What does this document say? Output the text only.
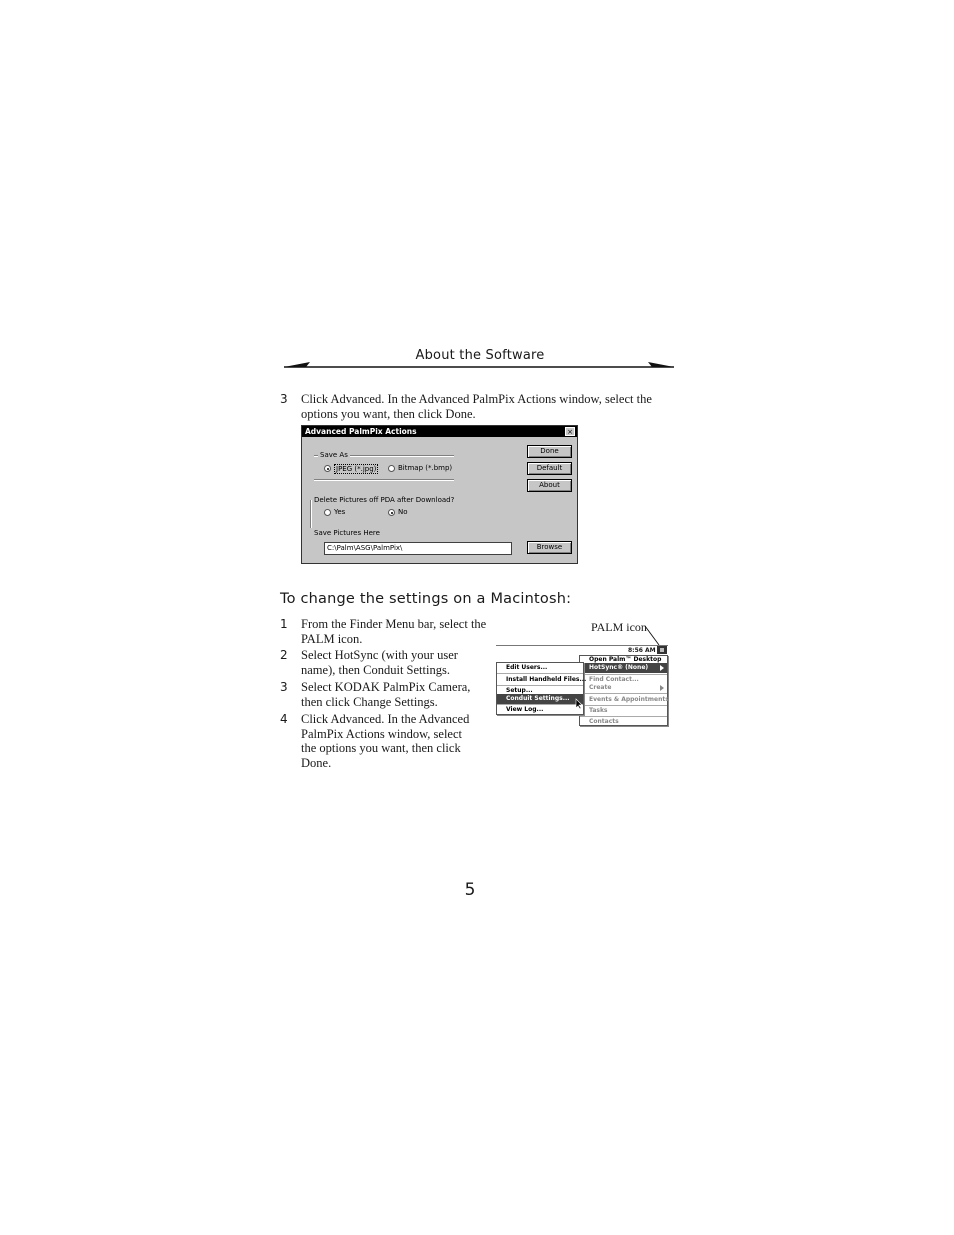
About the Software
3 Click Advanced. In the Advanced PalmPix Actions window, select the options you want, then click Done.
Advanced PalmPix Actions	×
Save As
JPEG (*.jpg)	Bitmap (*.bmp)
Delete Pictures off PDA after Download?
Yes	No
Save Pictures Here
C:\Palm\ASG\PalmPix\
Done
Default
About
Browse
To change the settings on a Macintosh:
1 From the Finder Menu bar, select the PALM icon.
2 Select HotSync (with your user name), then Conduit Settings.
3 Select KODAK PalmPix Camera, then click Change Settings.
4 Click Advanced. In the Advanced PalmPix Actions window, select the options you want, then click Done.
PALM icon
8:56 AM
Open Palm™ Desktop
HotSync® (None)
Find Contact...
Create
Events & Appointments
Tasks
Contacts
Edit Users...
Install Handheld Files...
Setup...
Conduit Settings...
View Log...
5
